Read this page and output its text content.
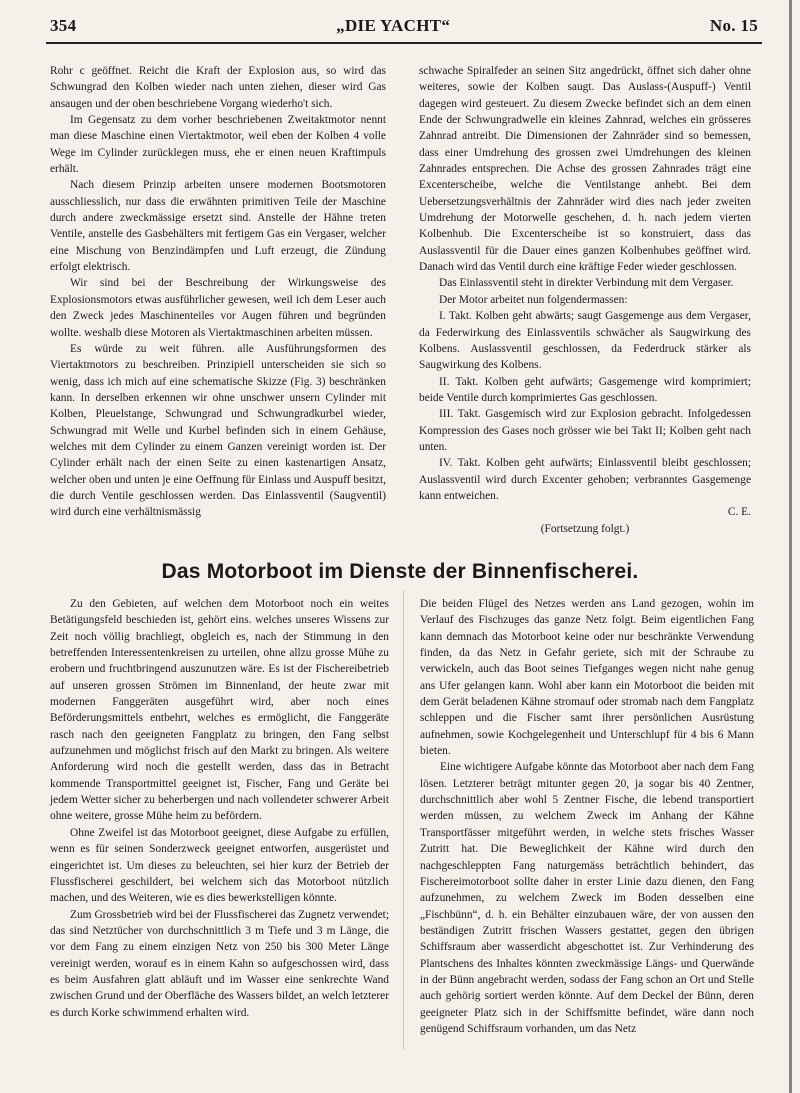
354	„DIE YACHT“	No. 15

Rohr c geöffnet. Reicht die Kraft der Explosion aus, so wird das Schwungrad den Kolben wieder nach unten ziehen, dieser wird Gas ansaugen und der oben beschriebene Vorgang wiederho't sich.

Im Gegensatz zu dem vorher beschriebenen Zweitaktmotor nennt man diese Maschine einen Viertaktmotor, weil eben der Kolben 4 volle Wege im Cylinder zurücklegen muss, ehe er einen neuen Kraftimpuls erhält.

Nach diesem Prinzip arbeiten unsere modernen Bootsmotoren ausschliesslich, nur dass die erwähnten primitiven Teile der Maschine durch andere zweckmässige ersetzt sind. Anstelle der Hähne treten Ventile, anstelle des Gasbehälters mit fertigem Gas ein Vergaser, welcher eine Mischung von Benzindämpfen und Luft erzeugt, die Zündung erfolgt elektrisch.

Wir sind bei der Beschreibung der Wirkungsweise des Explosionsmotors etwas ausführlicher gewesen, weil ich dem Leser auch den Zweck jedes Maschinenteiles vor Augen führen und begründen wollte. weshalb diese Motoren als Viertaktmaschinen arbeiten müssen.

Es würde zu weit führen. alle Ausführungsformen des Viertaktmotors zu beschreiben. Prinzipiell unterscheiden sie sich so wenig, dass ich mich auf eine schematische Skizze (Fig. 3) beschränken kann. In derselben erkennen wir ohne unschwer unsern Cylinder mit Kolben, Pleuelstange, Schwungrad und Schwungradkurbel wieder, Schwungrad mit Welle und Kurbel befinden sich in einem Gehäuse, welches mit dem Cylinder zu einem Ganzen vereinigt worden ist. Der Cylinder erhält nach der einen Seite zu einen kastenartigen Ansatz, welcher oben und unten je eine Oeffnung für Einlass und Auspuff besitzt, die durch Ventile geschlossen werden. Das Einlassventil (Saugventil) wird durch eine verhältnismässig

schwache Spiralfeder an seinen Sitz angedrückt, öffnet sich daher ohne weiteres, sowie der Kolben saugt. Das Auslass-(Auspuff-) Ventil dagegen wird gesteuert. Zu diesem Zwecke befindet sich an dem einen Ende der Schwungradwelle ein kleines Zahnrad, welches ein grösseres Zahnrad antreibt. Die Dimensionen der Zahnräder sind so bemessen, dass einer Umdrehung des grossen zwei Umdrehungen des kleinen Zahnrades entsprechen. Die Achse des grossen Zahnrades trägt eine Excenterscheibe, welche die Ventilstange anhebt. Bei dem Uebersetzungsverhältnis der Zahnräder wird dies nach jeder zweiten Umdrehung der Motorwelle geschehen, d. h. nach jedem vierten Kolbenhub. Die Excenterscheibe ist so konstruiert, dass das Auslassventil für die Dauer eines ganzen Kolbenhubes geöffnet wird. Danach wird das Ventil durch eine kräftige Feder wieder geschlossen.

Das Einlassventil steht in direkter Verbindung mit dem Vergaser.

Der Motor arbeitet nun folgendermassen:

I. Takt. Kolben geht abwärts; saugt Gasgemenge aus dem Vergaser, da Federwirkung des Einlassventils schwächer als Saugwirkung des Kolbens. Auslassventil geschlossen, da Federdruck stärker als Saugwirkung des Kolbens.

II. Takt. Kolben geht aufwärts; Gasgemenge wird komprimiert; beide Ventile durch komprimiertes Gas geschlossen.

III. Takt. Gasgemisch wird zur Explosion gebracht. Infolgedessen Kompression des Gases noch grösser wie bei Takt II; Kolben geht nach unten.

IV. Takt. Kolben geht aufwärts; Einlassventil bleibt geschlossen; Auslassventil wird durch Excenter gehoben; verbranntes Gasgemenge kann entweichen.

C. E.

(Fortsetzung folgt.)

Das Motorboot im Dienste der Binnenfischerei.

Zu den Gebieten, auf welchen dem Motorboot noch ein weites Betätigungsfeld beschieden ist, gehört eins. welches unseres Wissens zur Zeit noch völlig brachliegt, obgleich es, nach der Stimmung in den betreffenden Interessentenkreisen zu urteilen, ohne allzu grosse Mühe zu erobern und fruchtbringend auszunutzen wäre. Es ist der Fischereibetrieb auf unseren grossen Strömen im Binnenland, der heute zwar mit modernen Fanggeräten ausgeführt wird, aber noch eines Beförderungsmittels entbehrt, welches es ermöglicht, die Fanggeräte rasch nach den geeigneten Fangplatz zu bringen, den Fang selbst aufzunehmen und möglichst frisch auf den Markt zu bringen. Als weitere Anforderung wird noch die gestellt werden, dass das in Betracht kommende Transportmittel geeignet ist, Fischer, Fang und Geräte bei jedem Wetter sicher zu beherbergen und nach vollendeter schwerer Arbeit ohne weitere, grosse Mühe heim zu befördern.

Ohne Zweifel ist das Motorboot geeignet, diese Aufgabe zu erfüllen, wenn es für seinen Sonderzweck geeignet entworfen, ausgerüstet und eingerichtet ist. Um dieses zu beleuchten, sei hier kurz der Betrieb der Flussfischerei geschildert, bei welchem sich das Motorboot nützlich machen, und des Weiteren, wie es dies bewerkstelligen könnte.

Zum Grossbetrieb wird bei der Flussfischerei das Zugnetz verwendet; das sind Netztücher von durchschnittlich 3 m Tiefe und 3 m Länge, die vor dem Fang zu einem einzigen Netz von 250 bis 300 Meter Länge vereinigt werden, worauf es in einem Kahn so aufgeschossen wird, dass es beim Ausfahren glatt abläuft und im Wasser eine senkrechte Wand zwischen Grund und der Oberfläche des Wassers bildet, an welch letzterer es durch Korke schwimmend erhalten wird.

Die beiden Flügel des Netzes werden ans Land gezogen, wohin im Verlauf des Fischzuges das ganze Netz folgt. Beim eigentlichen Fang kann demnach das Motorboot keine oder nur beschränkte Verwendung finden, da das Netz in Gefahr geriete, sich mit der Schraube zu verwickeln, auch das Boot seines Tiefganges wegen nicht nahe genug ans Ufer gelangen kann. Wohl aber kann ein Motorboot die beiden mit dem Gerät beladenen Kähne stromauf oder stromab nach dem Fangplatz schleppen und die Fischer samt ihrer persönlichen Ausrüstung aufnehmen, sowie Kochgelegenheit und Unterschlupf für 4 bis 6 Mann bieten.

Eine wichtigere Aufgabe könnte das Motorboot aber nach dem Fang lösen. Letzterer beträgt mitunter gegen 20, ja sogar bis 40 Zentner, durchschnittlich aber wohl 5 Zentner Fische, die lebend transportiert werden müssen, zu welchem Zweck im Anhang der Kähne Transportfässer mitgeführt werden, in welche stets frisches Wasser Zutritt hat. Die Beweglichkeit der Kähne wird durch den nachgeschleppten Fang naturgemäss beträchtlich behindert, das Fischereimotorboot sollte daher in erster Linie dazu dienen, den Fang aufzunehmen, zu welchem Zweck im Boden desselben eine „Fischbünn“, d. h. ein Behälter einzubauen wäre, der von aussen den beständigen Zutritt frischen Wassers gestattet, gegen den übrigen Schiffsraum aber wasserdicht abgeschottet ist. Zur Verhinderung des Plantschens des Inhaltes könnten zweckmässige Längs- und Querwände in der Bünn angebracht werden, sodass der Fang schon an Ort und Stelle auch gehörig sortiert werden könnte. Auf dem Deckel der Bünn, deren geeigneter Platz sich in der Schiffsmitte befindet, wäre dann noch genügend Schiffsraum vorhanden, um das Netz
